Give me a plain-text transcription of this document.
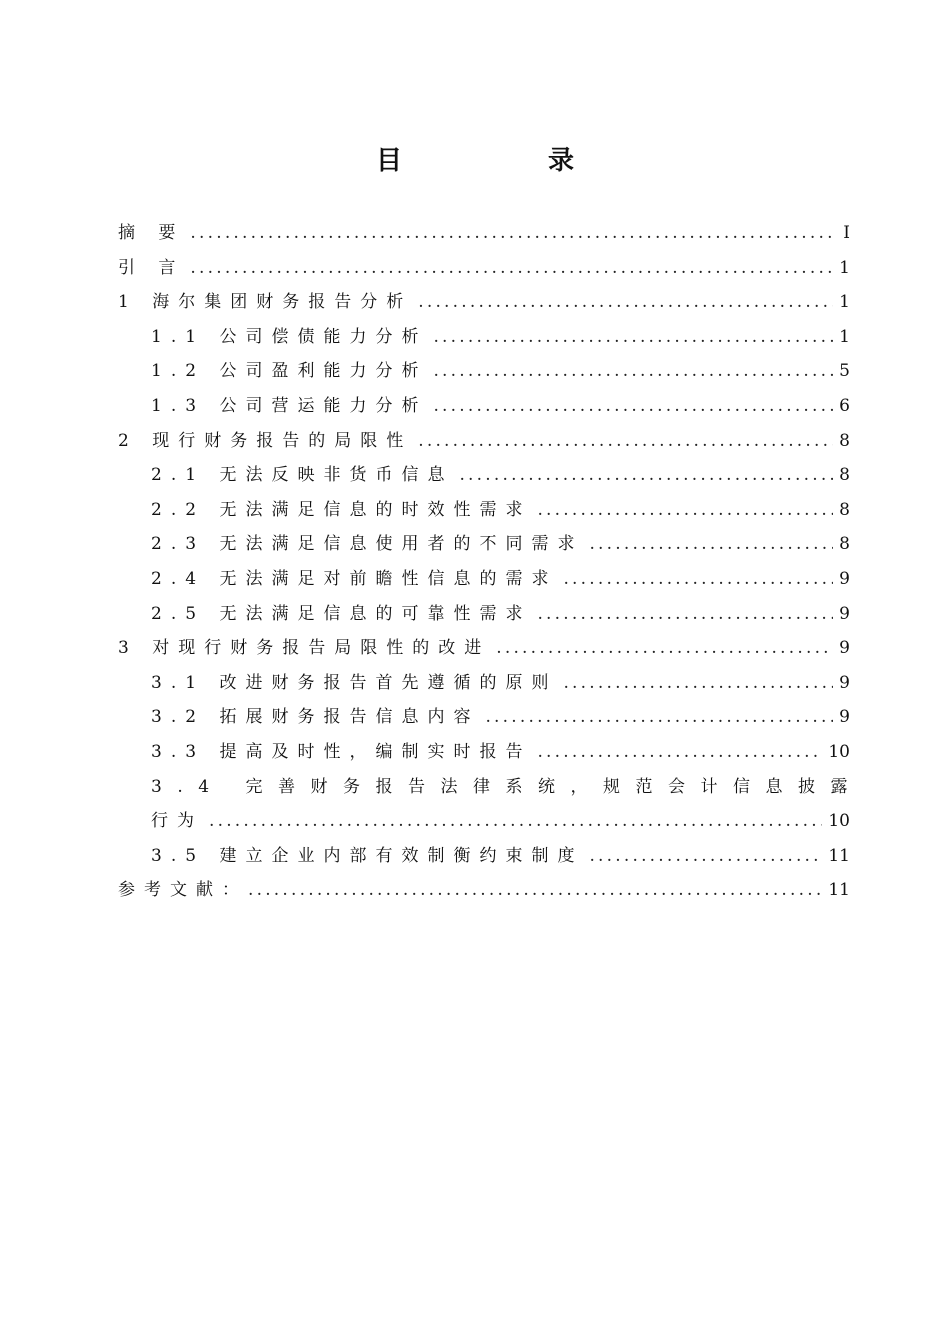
目　录
摘 要 .....	I
引 言 .....	1
1 海尔集团财务报告分析 .....	1
1.1 公司偿债能力分析 .....	1
1.2 公司盈利能力分析 .....	5
1.3 公司营运能力分析 .....	6
2 现行财务报告的局限性 .....	8
2.1 无法反映非货币信息 .....	8
2.2 无法满足信息的时效性需求 .....	8
2.3 无法满足信息使用者的不同需求 .....	8
2.4 无法满足对前瞻性信息的需求 .....	9
2.5 无法满足信息的可靠性需求 .....	9
3 对现行财务报告局限性的改进 .....	9
3.1 改进财务报告首先遵循的原则 .....	9
3.2 拓展财务报告信息内容 .....	9
3.3 提高及时性，编制实时报告 .....	10
3.4 完善财务报告法律系统，规范会计信息披露
行为 .....	10
3.5 建立企业内部有效制衡约束制度 .....	11
参考文献： .....	11
